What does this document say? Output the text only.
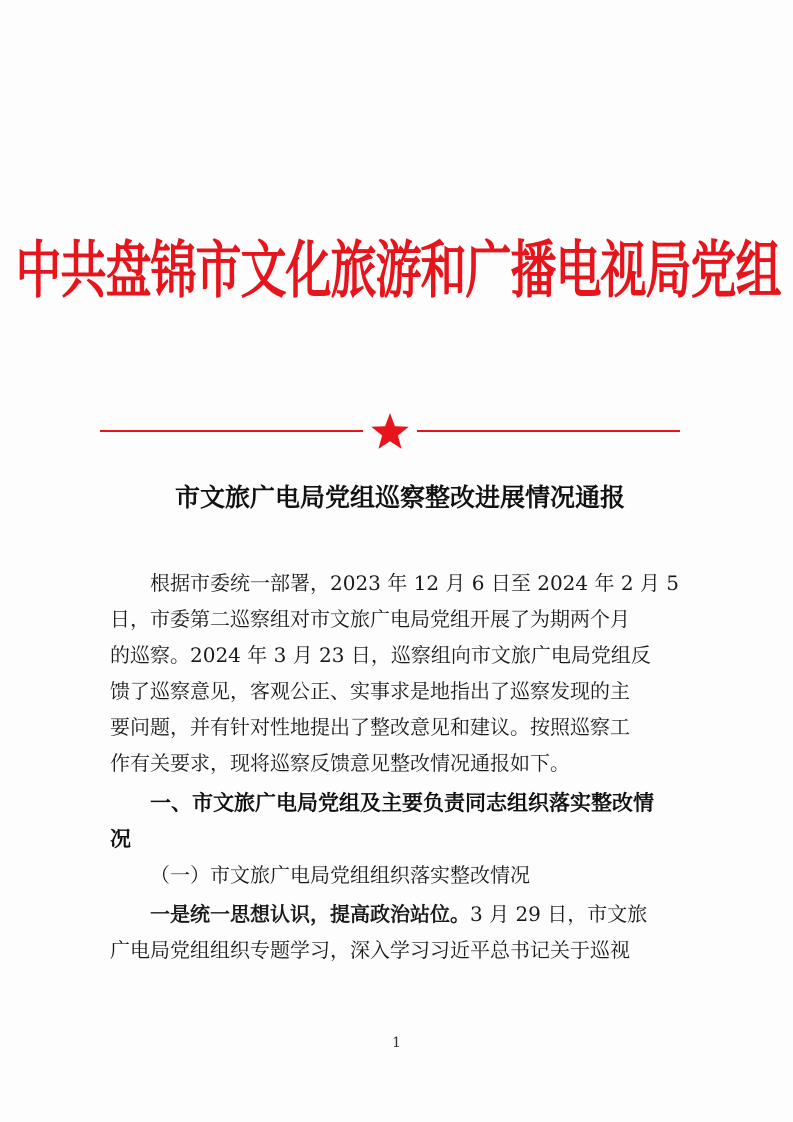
中共盘锦市文化旅游和广播电视局党组
市文旅广电局党组巡察整改进展情况通报
根据市委统一部署，2023 年 12 月 6 日至 2024 年 2 月 5
日，市委第二巡察组对市文旅广电局党组开展了为期两个月
的巡察。2024 年 3 月 23 日，巡察组向市文旅广电局党组反
馈了巡察意见，客观公正、实事求是地指出了巡察发现的主
要问题，并有针对性地提出了整改意见和建议。按照巡察工
作有关要求，现将巡察反馈意见整改情况通报如下。
一、市文旅广电局党组及主要负责同志组织落实整改情
况
（一）市文旅广电局党组组织落实整改情况
一是统一思想认识，提高政治站位。3 月 29 日，市文旅
广电局党组组织专题学习，深入学习习近平总书记关于巡视
1
